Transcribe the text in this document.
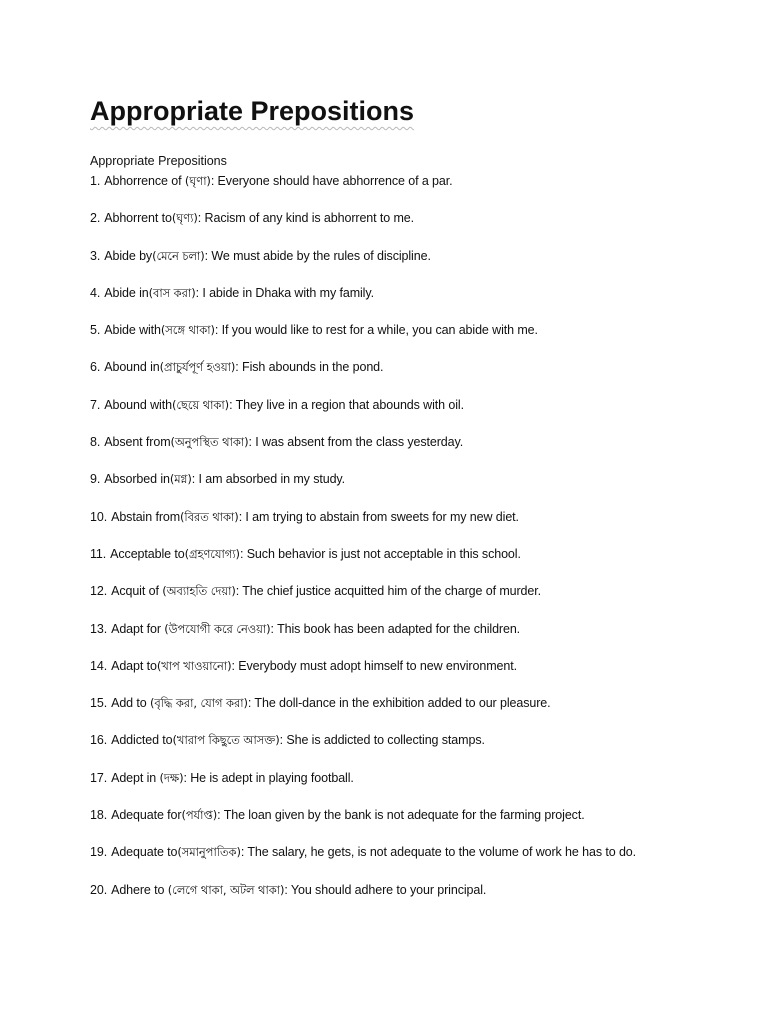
Appropriate Prepositions
Appropriate Prepositions
1. Abhorrence of (ঘৃণা): Everyone should have abhorrence of a par.
2. Abhorrent to(ঘৃণ্য): Racism of any kind is abhorrent to me.
3. Abide by(মেনে চলা): We must abide by the rules of discipline.
4. Abide in(বাস করা): I abide in Dhaka with my family.
5. Abide with(সঙ্গে থাকা): If you would like to rest for a while, you can abide with me.
6. Abound in(প্রাচুর্যপূর্ণ হওয়া): Fish abounds in the pond.
7. Abound with(ছেয়ে থাকা): They live in a region that abounds with oil.
8. Absent from(অনুপস্থিত থাকা): I was absent from the class yesterday.
9. Absorbed in(মগ্ন): I am absorbed in my study.
10. Abstain from(বিরত থাকা): I am trying to abstain from sweets for my new diet.
11. Acceptable to(গ্রহণযোগ্য): Such behavior is just not acceptable in this school.
12. Acquit of (অব্যাহতি দেয়া): The chief justice acquitted him of the charge of murder.
13. Adapt for (উপযোগী করে নেওয়া): This book has been adapted for the children.
14. Adapt to(খাপ খাওয়ানো): Everybody must adopt himself to new environment.
15. Add to (বৃদ্ধি করা, যোগ করা): The doll-dance in the exhibition added to our pleasure.
16. Addicted to(খারাপ কিছুতে আসক্ত): She is addicted to collecting stamps.
17. Adept in (দক্ষ): He is adept in playing football.
18. Adequate for(পর্যাপ্ত): The loan given by the bank is not adequate for the farming project.
19. Adequate to(সমানুপাতিক): The salary, he gets, is not adequate to the volume of work he has to do.
20. Adhere to (লেগে থাকা, অটল থাকা): You should adhere to your principal.
